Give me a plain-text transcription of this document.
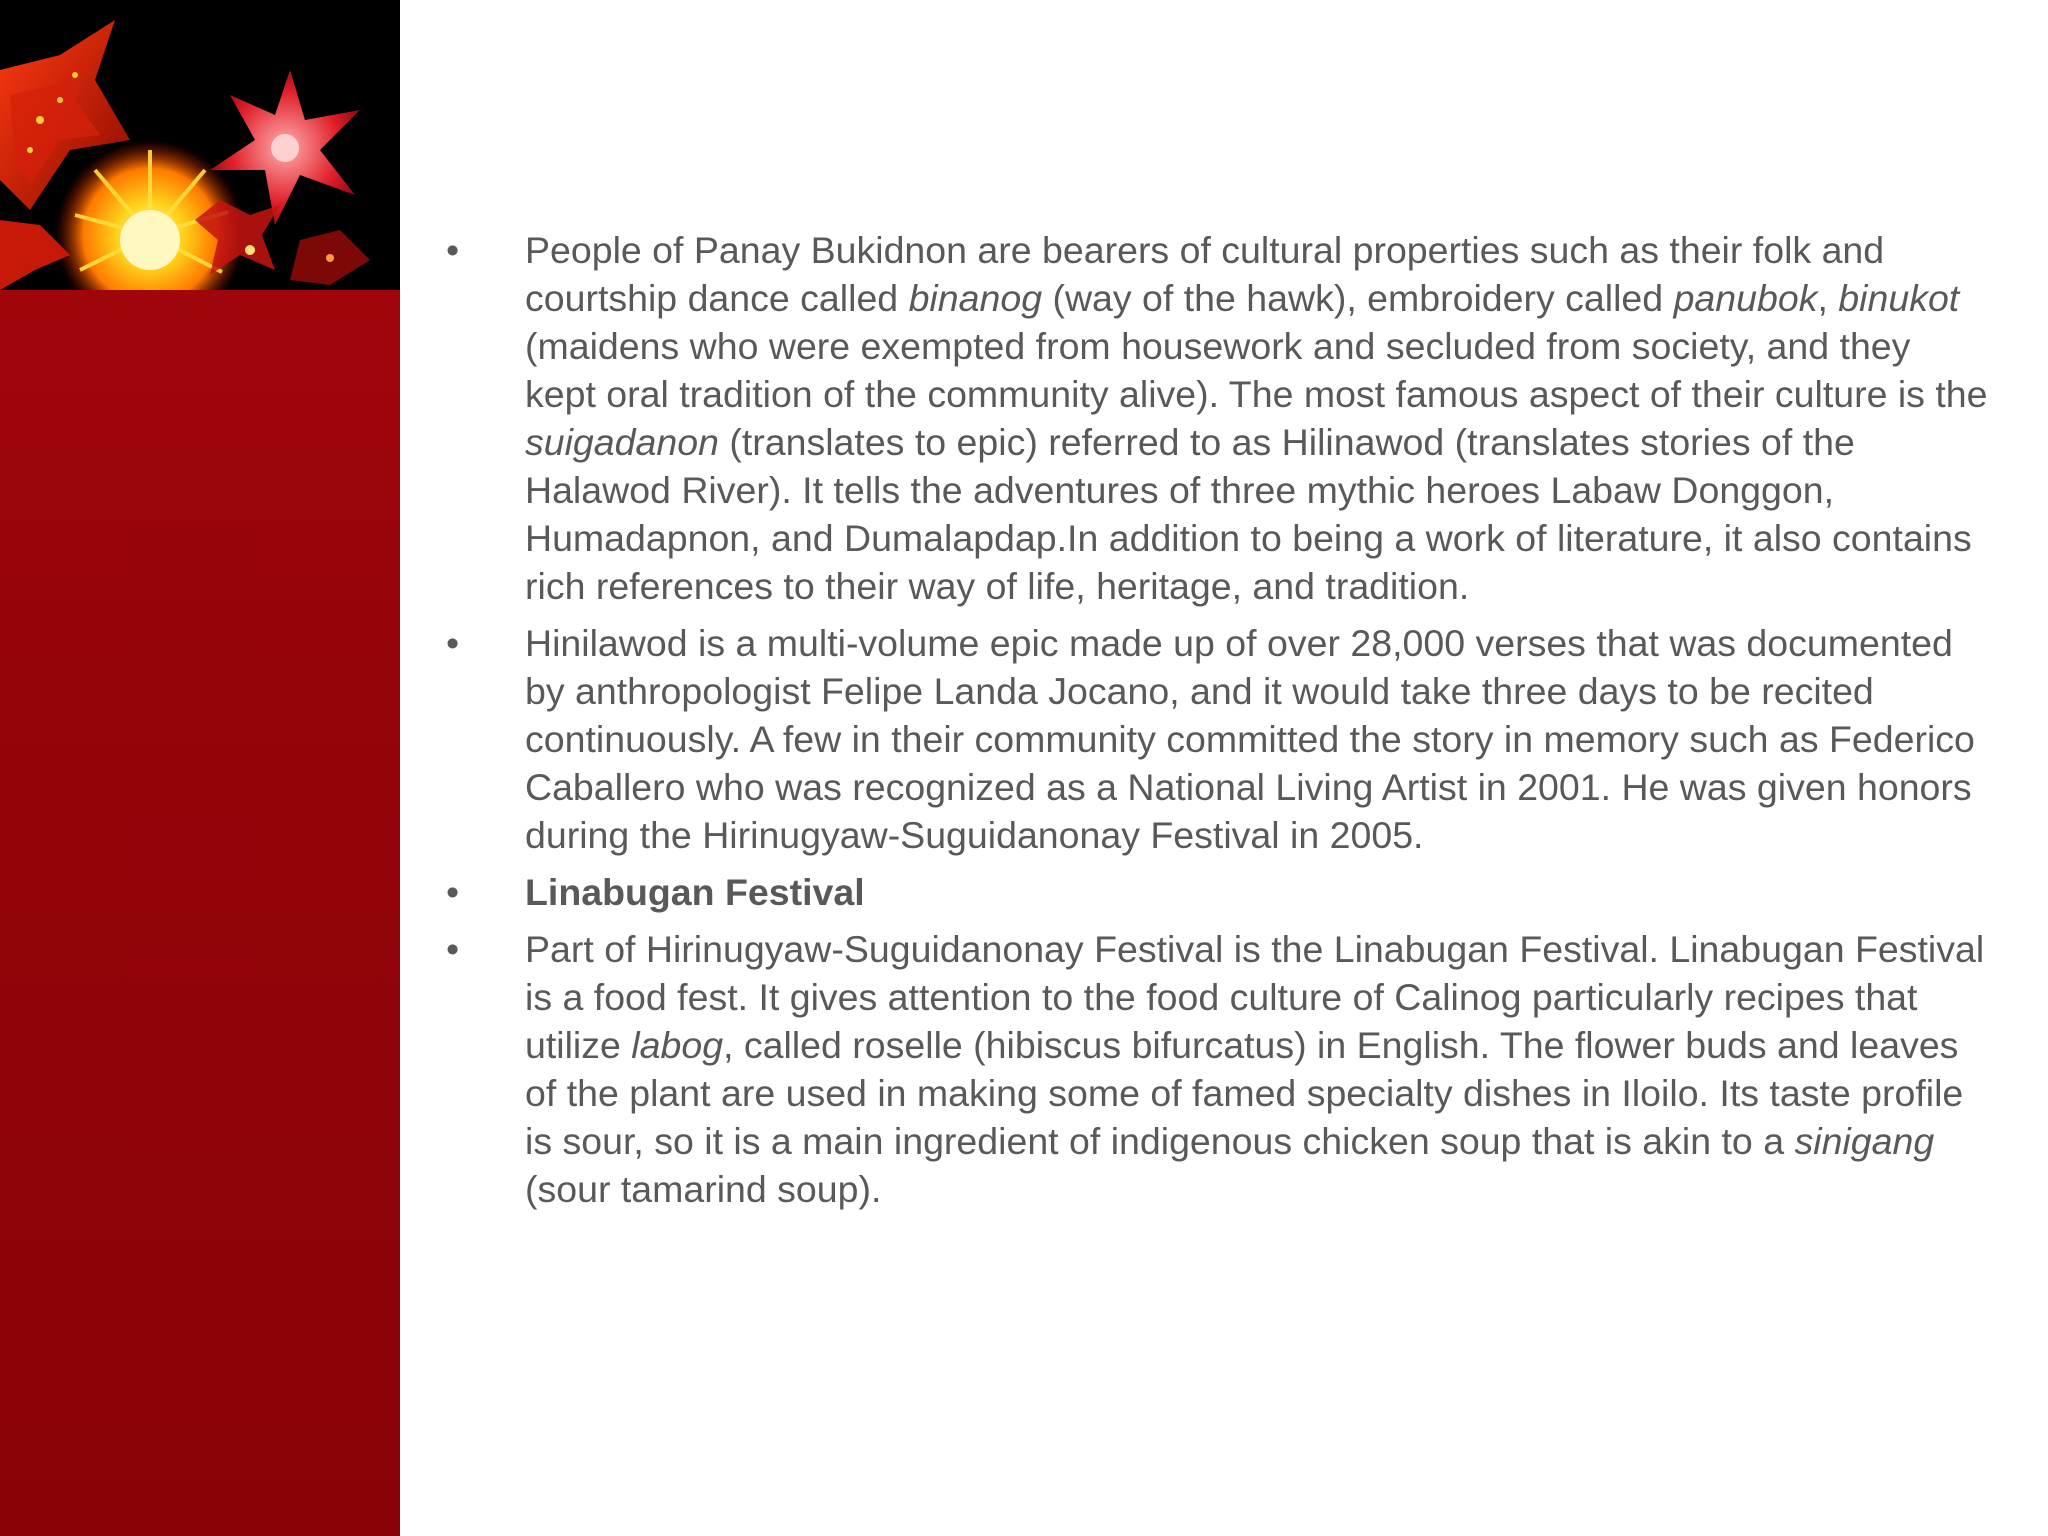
• People of Panay Bukidnon are bearers of cultural properties such as their folk and courtship dance called binanog (way of the hawk), embroidery called panubok, binukot (maidens who were exempted from housework and secluded from society, and they kept oral tradition of the community alive). The most famous aspect of their culture is the suigadanon (translates to epic) referred to as Hilinawod (translates stories of the Halawod River). It tells the adventures of three mythic heroes Labaw Donggon, Humadapnon, and Dumalapdap.In addition to being a work of literature, it also contains rich references to their way of life, heritage, and tradition.
• Hinilawod is a multi-volume epic made up of over 28,000 verses that was documented by anthropologist Felipe Landa Jocano, and it would take three days to be recited continuously. A few in their community committed the story in memory such as Federico Caballero who was recognized as a National Living Artist in 2001. He was given honors during the Hirinugyaw-Suguidanonay Festival in 2005.
• Linabugan Festival
• Part of Hirinugyaw-Suguidanonay Festival is the Linabugan Festival. Linabugan Festival is a food fest. It gives attention to the food culture of Calinog particularly recipes that utilize labog, called roselle (hibiscus bifurcatus) in English. The flower buds and leaves of the plant are used in making some of famed specialty dishes in Iloilo. Its taste profile is sour, so it is a main ingredient of indigenous chicken soup that is akin to a sinigang (sour tamarind soup).
